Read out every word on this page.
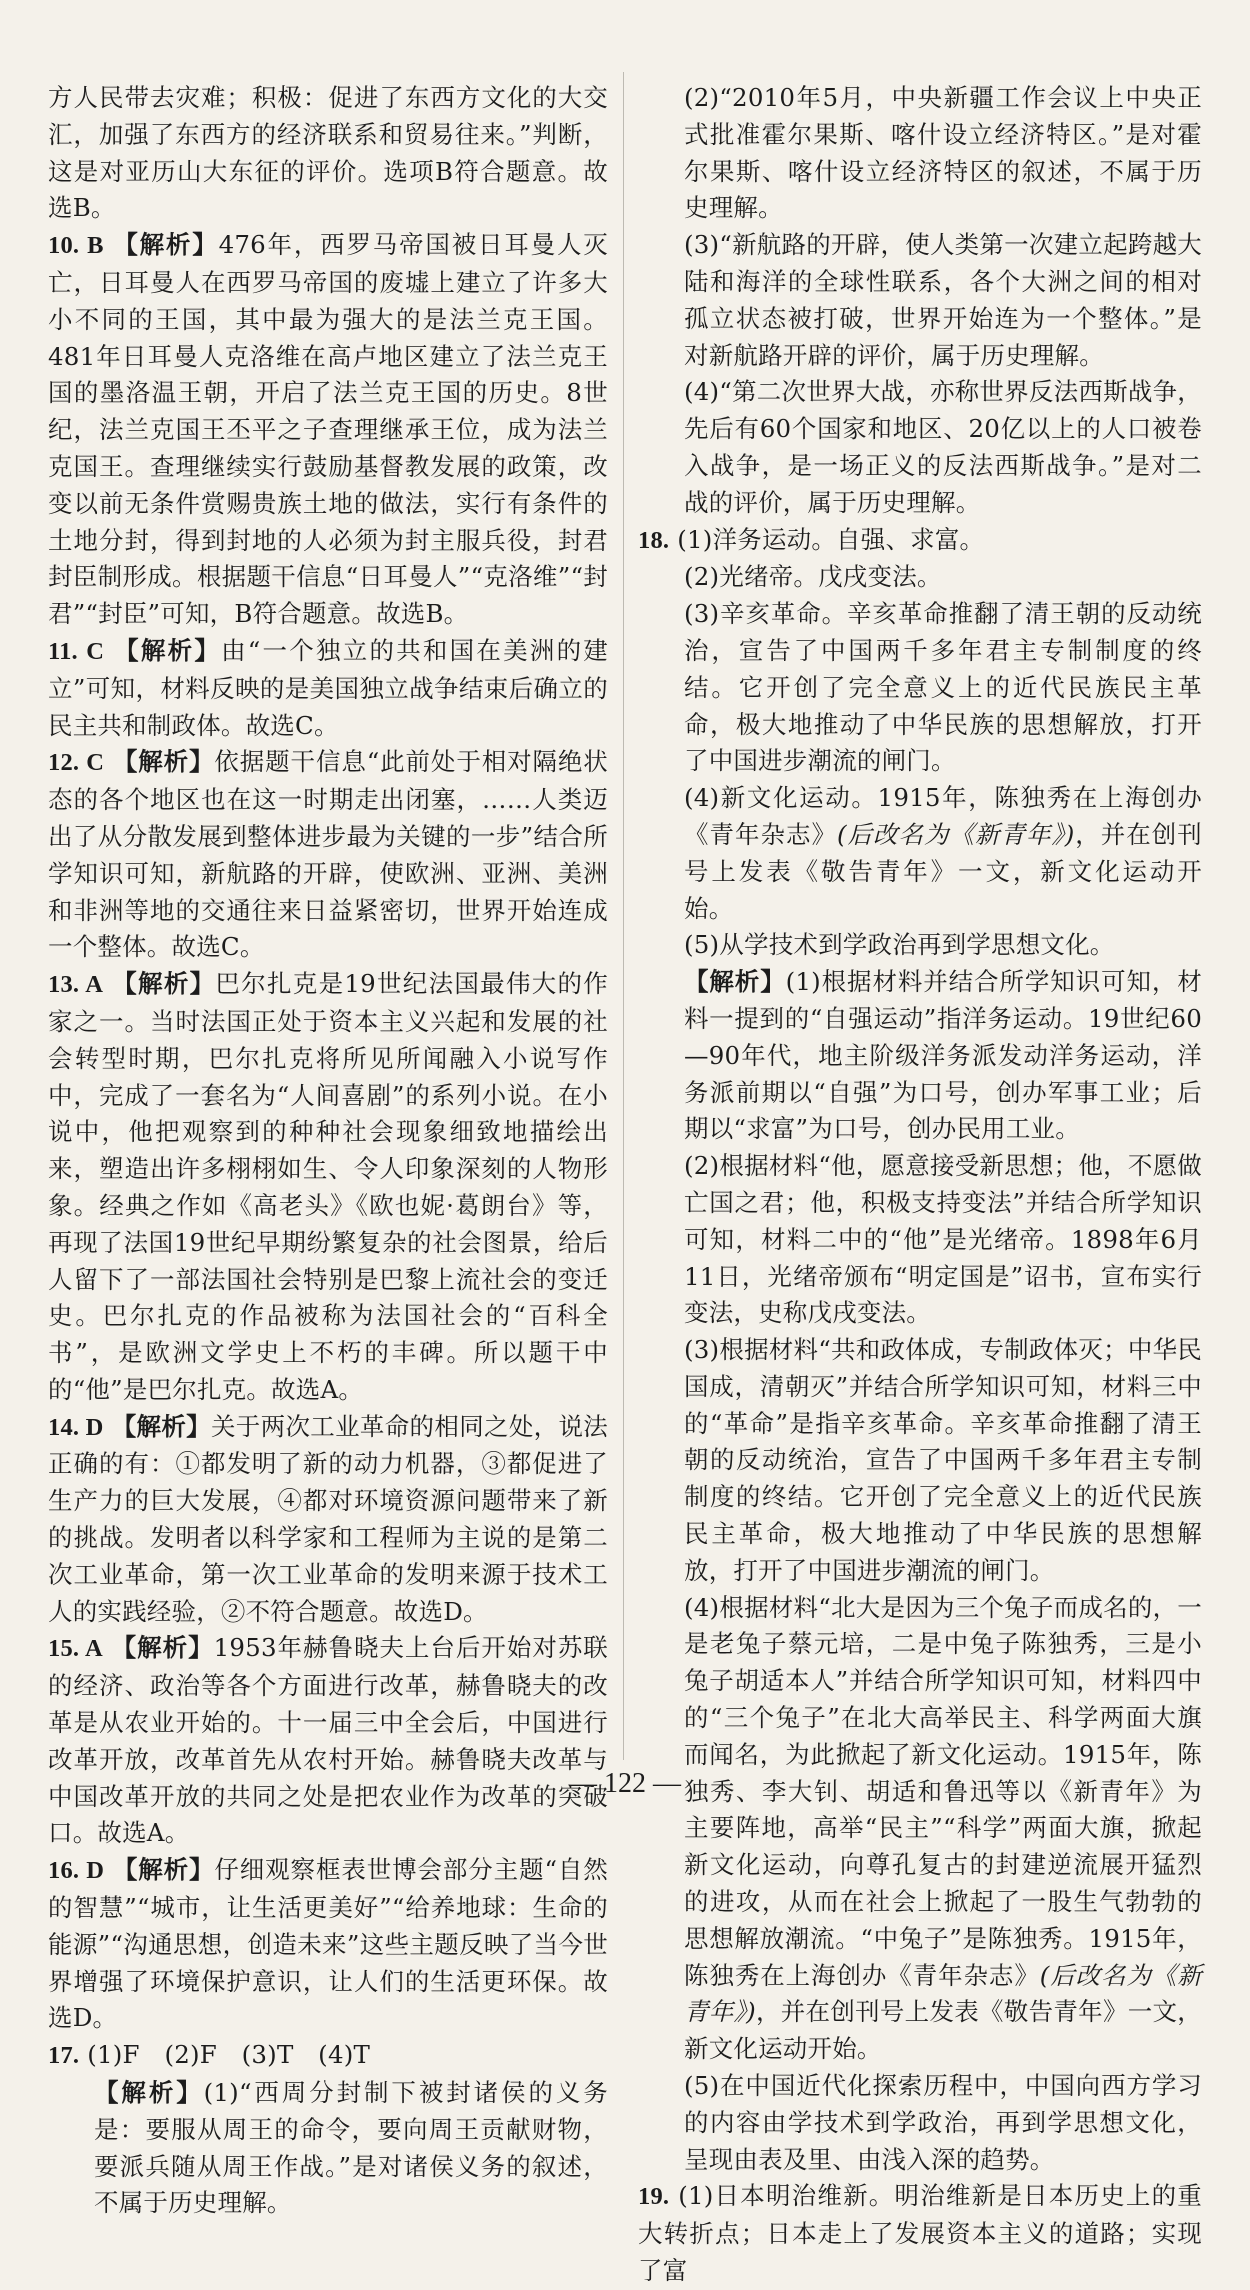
方人民带去灾难；积极：促进了东西方文化的大交汇，加强了东西方的经济联系和贸易往来。”判断，这是对亚历山大东征的评价。选项B符合题意。故选B。

10. B 【解析】476年，西罗马帝国被日耳曼人灭亡，日耳曼人在西罗马帝国的废墟上建立了许多大小不同的王国，其中最为强大的是法兰克王国。481年日耳曼人克洛维在高卢地区建立了法兰克王国的墨洛温王朝，开启了法兰克王国的历史。8世纪，法兰克国王丕平之子查理继承王位，成为法兰克国王。查理继续实行鼓励基督教发展的政策，改变以前无条件赏赐贵族土地的做法，实行有条件的土地分封，得到封地的人必须为封主服兵役，封君封臣制形成。根据题干信息“日耳曼人”“克洛维”“封君”“封臣”可知，B符合题意。故选B。

11. C 【解析】由“一个独立的共和国在美洲的建立”可知，材料反映的是美国独立战争结束后确立的民主共和制政体。故选C。

12. C 【解析】依据题干信息“此前处于相对隔绝状态的各个地区也在这一时期走出闭塞，……人类迈出了从分散发展到整体进步最为关键的一步”结合所学知识可知，新航路的开辟，使欧洲、亚洲、美洲和非洲等地的交通往来日益紧密切，世界开始连成一个整体。故选C。

13. A 【解析】巴尔扎克是19世纪法国最伟大的作家之一。当时法国正处于资本主义兴起和发展的社会转型时期，巴尔扎克将所见所闻融入小说写作中，完成了一套名为“人间喜剧”的系列小说。在小说中，他把观察到的种种社会现象细致地描绘出来，塑造出许多栩栩如生、令人印象深刻的人物形象。经典之作如《高老头》《欧也妮·葛朗台》等，再现了法国19世纪早期纷繁复杂的社会图景，给后人留下了一部法国社会特别是巴黎上流社会的变迁史。巴尔扎克的作品被称为法国社会的“百科全书”，是欧洲文学史上不朽的丰碑。所以题干中的“他”是巴尔扎克。故选A。

14. D 【解析】关于两次工业革命的相同之处，说法正确的有：①都发明了新的动力机器，③都促进了生产力的巨大发展，④都对环境资源问题带来了新的挑战。发明者以科学家和工程师为主说的是第二次工业革命，第一次工业革命的发明来源于技术工人的实践经验，②不符合题意。故选D。

15. A 【解析】1953年赫鲁晓夫上台后开始对苏联的经济、政治等各个方面进行改革，赫鲁晓夫的改革是从农业开始的。十一届三中全会后，中国进行改革开放，改革首先从农村开始。赫鲁晓夫改革与中国改革开放的共同之处是把农业作为改革的突破口。故选A。

16. D 【解析】仔细观察框表世博会部分主题“自然的智慧”“城市，让生活更美好”“给养地球：生命的能源”“沟通思想，创造未来”这些主题反映了当今世界增强了环境保护意识，让人们的生活更环保。故选D。

17. (1)F　(2)F　(3)T　(4)T

【解析】(1)“西周分封制下被封诸侯的义务是：要服从周王的命令，要向周王贡献财物，要派兵随从周王作战。”是对诸侯义务的叙述，不属于历史理解。

(2)“2010年5月，中央新疆工作会议上中央正式批准霍尔果斯、喀什设立经济特区。”是对霍尔果斯、喀什设立经济特区的叙述，不属于历史理解。

(3)“新航路的开辟，使人类第一次建立起跨越大陆和海洋的全球性联系，各个大洲之间的相对孤立状态被打破，世界开始连为一个整体。”是对新航路开辟的评价，属于历史理解。

(4)“第二次世界大战，亦称世界反法西斯战争，先后有60个国家和地区、20亿以上的人口被卷入战争，是一场正义的反法西斯战争。”是对二战的评价，属于历史理解。

18. (1)洋务运动。自强、求富。

(2)光绪帝。戊戌变法。

(3)辛亥革命。辛亥革命推翻了清王朝的反动统治，宣告了中国两千多年君主专制制度的终结。它开创了完全意义上的近代民族民主革命，极大地推动了中华民族的思想解放，打开了中国进步潮流的闸门。

(4)新文化运动。1915年，陈独秀在上海创办《青年杂志》(后改名为《新青年》)，并在创刊号上发表《敬告青年》一文，新文化运动开始。

(5)从学技术到学政治再到学思想文化。

【解析】(1)根据材料并结合所学知识可知，材料一提到的“自强运动”指洋务运动。19世纪60—90年代，地主阶级洋务派发动洋务运动，洋务派前期以“自强”为口号，创办军事工业；后期以“求富”为口号，创办民用工业。

(2)根据材料“他，愿意接受新思想；他，不愿做亡国之君；他，积极支持变法”并结合所学知识可知，材料二中的“他”是光绪帝。1898年6月11日，光绪帝颁布“明定国是”诏书，宣布实行变法，史称戊戌变法。

(3)根据材料“共和政体成，专制政体灭；中华民国成，清朝灭”并结合所学知识可知，材料三中的“革命”是指辛亥革命。辛亥革命推翻了清王朝的反动统治，宣告了中国两千多年君主专制制度的终结。它开创了完全意义上的近代民族民主革命，极大地推动了中华民族的思想解放，打开了中国进步潮流的闸门。

(4)根据材料“北大是因为三个兔子而成名的，一是老兔子蔡元培，二是中兔子陈独秀，三是小兔子胡适本人”并结合所学知识可知，材料四中的“三个兔子”在北大高举民主、科学两面大旗而闻名，为此掀起了新文化运动。1915年，陈独秀、李大钊、胡适和鲁迅等以《新青年》为主要阵地，高举“民主”“科学”两面大旗，掀起新文化运动，向尊孔复古的封建逆流展开猛烈的进攻，从而在社会上掀起了一股生气勃勃的思想解放潮流。“中兔子”是陈独秀。1915年，陈独秀在上海创办《青年杂志》(后改名为《新青年》)，并在创刊号上发表《敬告青年》一文，新文化运动开始。

(5)在中国近代化探索历程中，中国向西方学习的内容由学技术到学政治，再到学思想文化，呈现由表及里、由浅入深的趋势。

19. (1)日本明治维新。明治维新是日本历史上的重大转折点；日本走上了发展资本主义的道路；实现了富

— 122 —
